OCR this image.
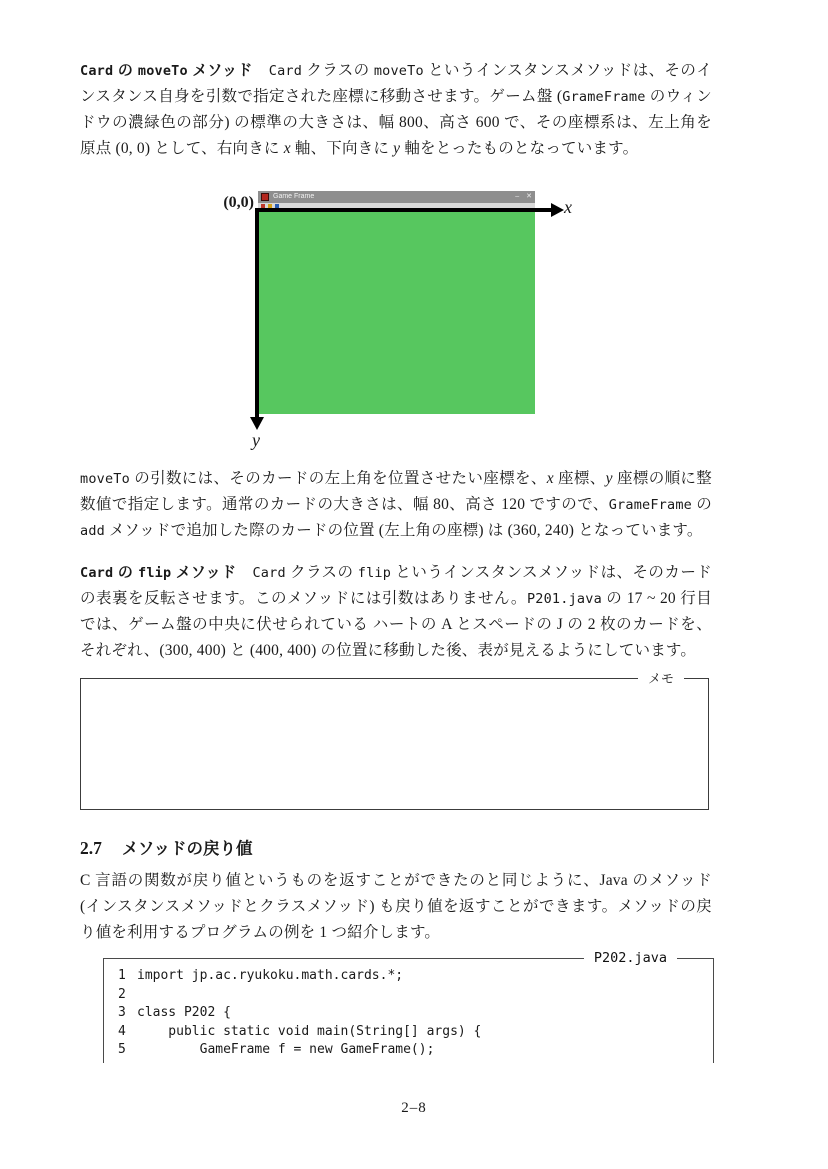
Card の moveTo メソッド　 Card クラスの moveTo というインスタンスメソッドは、そのインスタンス自身を引数で指定された座標に移動させます。ゲーム盤 (GrameFrame のウィンドウの濃緑色の部分) の標準の大きさは、幅 800、高さ 600 で、その座標系は、左上角を原点 (0, 0) として、右向きに x 軸、下向きに y 軸をとったものとなっています。

Game Frame	– ✕
(0,0)	x
y

moveTo の引数には、そのカードの左上角を位置させたい座標を、x 座標、y 座標の順に整数値で指定します。通常のカードの大きさは、幅 80、高さ 120 ですので、GrameFrame の add メソッドで追加した際のカードの位置 (左上角の座標) は (360, 240) となっています。

Card の flip メソッド　 Card クラスの flip というインスタンスメソッドは、そのカードの表裏を反転させます。このメソッドには引数はありません。P201.java の 17 ~ 20 行目では、ゲーム盤の中央に伏せられている ハートの A とスペードの J の 2 枚のカードを、それぞれ、(300, 400) と (400, 400) の位置に移動した後、表が見えるようにしています。

メモ
2.7 メソッドの戻り値

C 言語の関数が戻り値というものを返すことができたのと同じように、Java のメソッド (インスタンスメソッドとクラスメソッド) も戻り値を返すことができます。メソッドの戻り値を利用するプログラムの例を 1 つ紹介します。

P202.java
1 import jp.ac.ryukoku.math.cards.*;
2
3 class P202 {
4    public static void main(String[] args) {
5        GameFrame f = new GameFrame();
2–8
